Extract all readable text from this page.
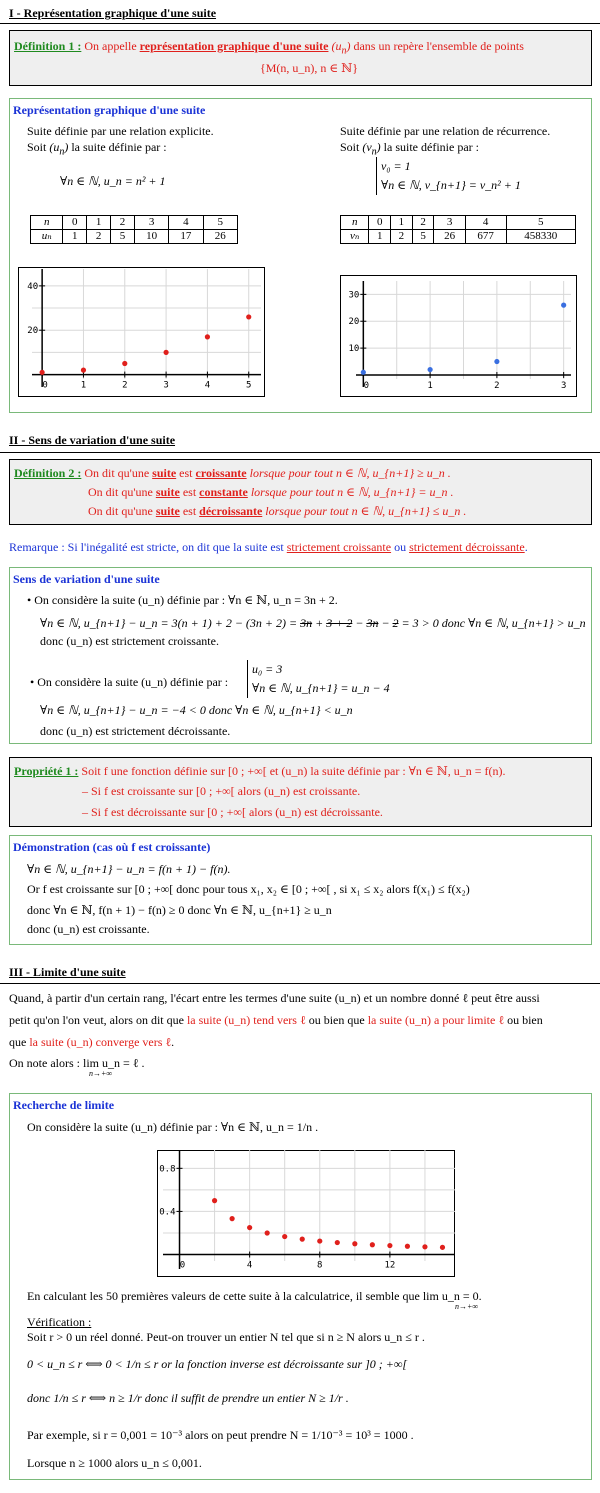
I - Représentation graphique d'une suite
Définition 1 : On appelle représentation graphique d'une suite $(u_n)$ dans un repère l'ensemble de points
{M(n, u_n), n ∈ ℕ}
Représentation graphique d'une suite
Suite définie par une relation explicite.
Soit $(u_n)$ la suite définie par :
∀n ∈ ℕ, u_n = n² + 1
Suite définie par une relation de récurrence.
Soit $(v_n)$ la suite définie par :
v₀ = 1
∀n ∈ ℕ, v_{n+1} = v_n² + 1
n	0	1	2	3	4	5
uₙ	1	2	5	10	17	26
n	0	1	2	3	4	5
vₙ	1	2	5	26	677	458330
0	1	2	3	4	5
20
40
0	1	2	3
10
20
30
II - Sens de variation d'une suite
Définition 2 : On dit qu'une suite est croissante lorsque pour tout n ∈ ℕ, u_{n+1} ≥ u_n .
On dit qu'une suite est constante lorsque pour tout n ∈ ℕ, u_{n+1} = u_n .
On dit qu'une suite est décroissante lorsque pour tout n ∈ ℕ, u_{n+1} ≤ u_n .
Remarque : Si l'inégalité est stricte, on dit que la suite est strictement croissante ou strictement décroissante.
Sens de variation d'une suite
• On considère la suite (u_n) définie par : ∀n ∈ ℕ, u_n = 3n + 2.
∀n ∈ ℕ, u_{n+1} − u_n = 3(n + 1) + 2 − (3n + 2) = 3n + 3 + 2 − 3n − 2 = 3 > 0 donc ∀n ∈ ℕ, u_{n+1} > u_n
donc (u_n) est strictement croissante.
• On considère la suite (u_n) définie par :
u₀ = 3
∀n ∈ ℕ, u_{n+1} = u_n − 4
∀n ∈ ℕ, u_{n+1} − u_n = −4 < 0 donc ∀n ∈ ℕ, u_{n+1} < u_n
donc (u_n) est strictement décroissante.
Propriété 1 : Soit f une fonction définie sur [0 ; +∞[ et (u_n) la suite définie par : ∀n ∈ ℕ, u_n = f(n).
– Si f est croissante sur [0 ; +∞[ alors (u_n) est croissante.
– Si f est décroissante sur [0 ; +∞[ alors (u_n) est décroissante.
Démonstration (cas où f est croissante)
∀n ∈ ℕ, u_{n+1} − u_n = f(n + 1) − f(n).
Or f est croissante sur [0 ; +∞[ donc pour tous x₁, x₂ ∈ [0 ; +∞[ , si x₁ ≤ x₂ alors f(x₁) ≤ f(x₂)
donc ∀n ∈ ℕ, f(n + 1) − f(n) ≥ 0 donc ∀n ∈ ℕ, u_{n+1} ≥ u_n
donc (u_n) est croissante.
III - Limite d'une suite
Quand, à partir d'un certain rang, l'écart entre les termes d'une suite (u_n) et un nombre donné ℓ peut être aussi
petit qu'on l'on veut, alors on dit que la suite (u_n) tend vers ℓ ou bien que la suite (u_n) a pour limite ℓ ou bien
que la suite (u_n) converge vers ℓ.
On note alors : lim u_n = ℓ .
n→+∞
Recherche de limite
On considère la suite (u_n) définie par : ∀n ∈ ℕ, u_n = 1/n .
En calculant les 50 premières valeurs de cette suite à la calculatrice, il semble que lim u_n = 0.
n→+∞
Vérification :
Soit r > 0 un réel donné. Peut-on trouver un entier N tel que si n ≥ N alors u_n ≤ r .
0 < u_n ≤ r ⟺ 0 < 1/n ≤ r or la fonction inverse est décroissante sur ]0 ; +∞[
donc 1/n ≤ r ⟺ n ≥ 1/r donc il suffit de prendre un entier N ≥ 1/r .
Par exemple, si r = 0,001 = 10⁻³ alors on peut prendre N = 1/10⁻³ = 10³ = 1000 .
Lorsque n ≥ 1000 alors u_n ≤ 0,001.
0	4	8	12
0.4
0.8
